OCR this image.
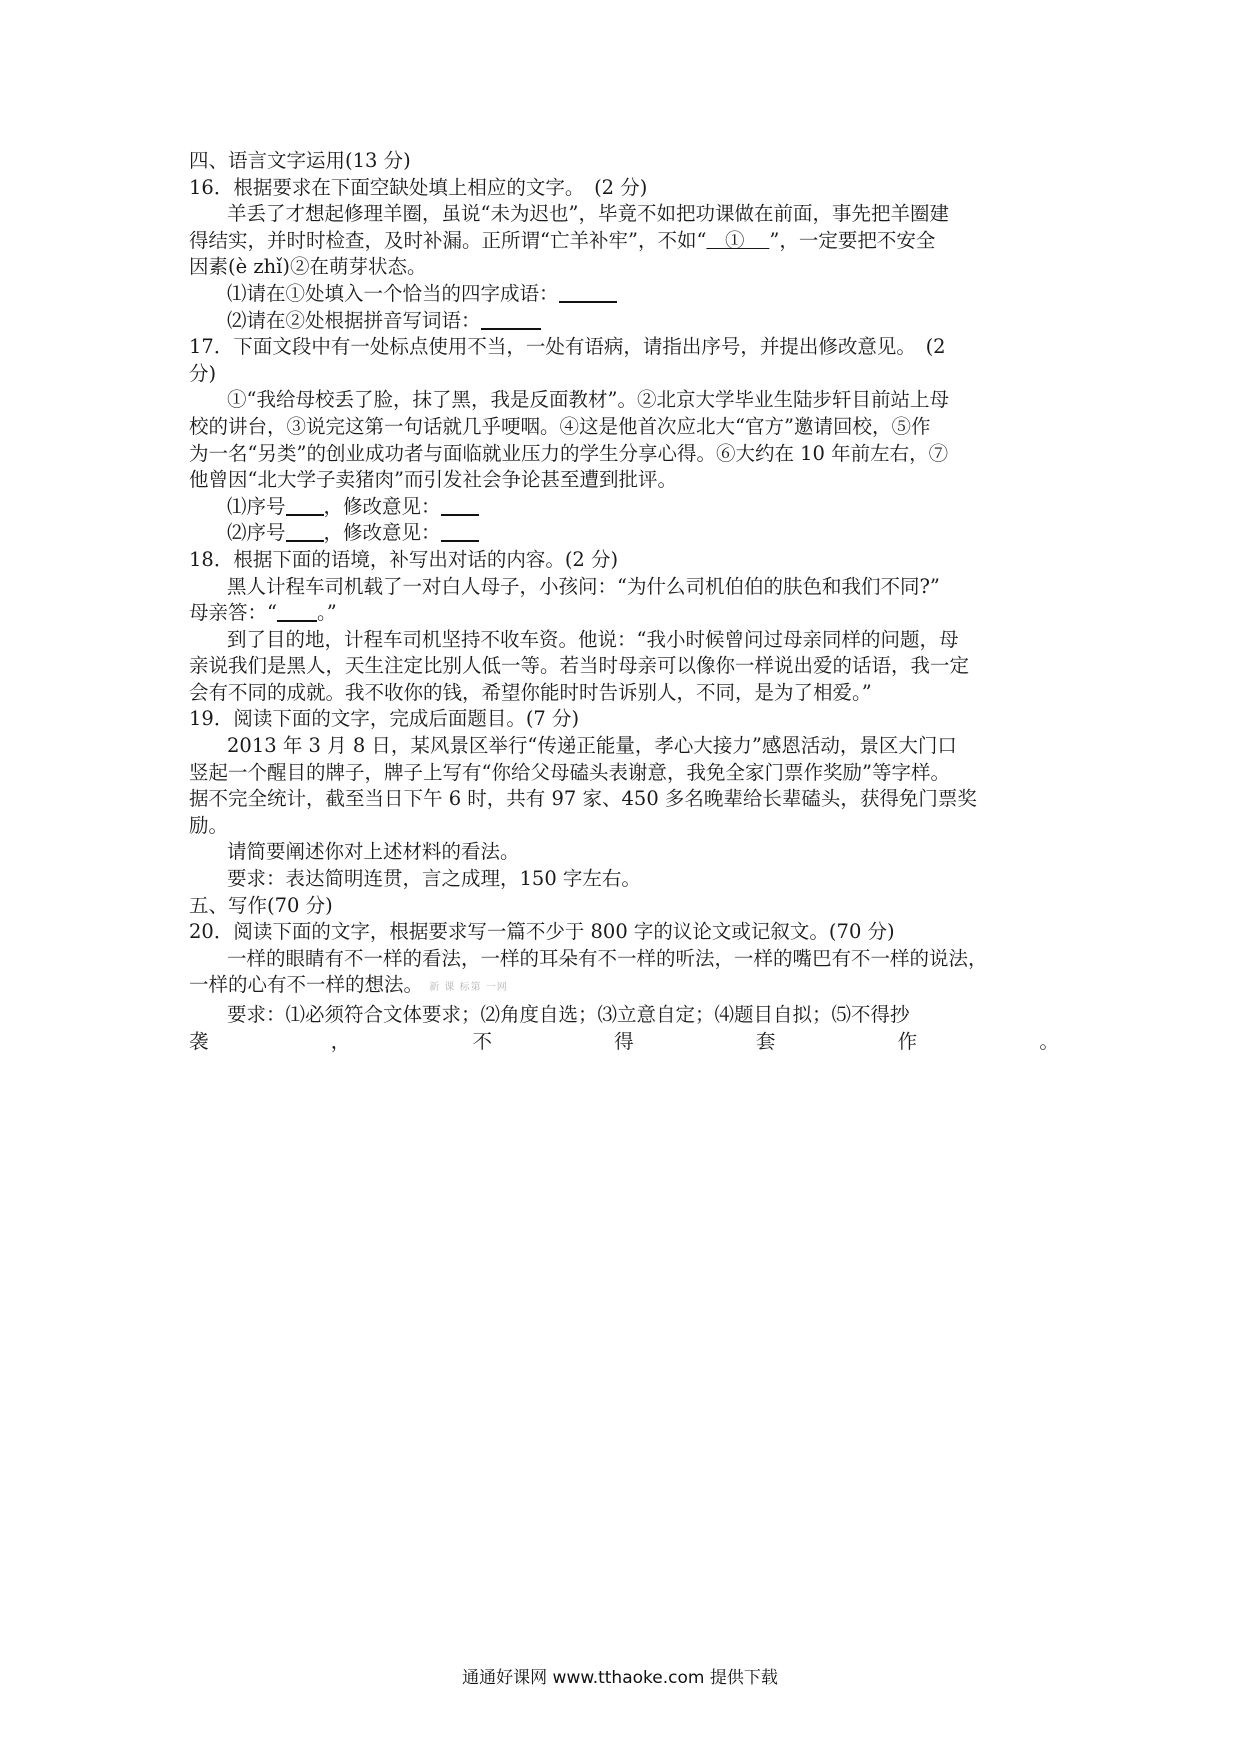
四、语言文字运用(13 分)
16．根据要求在下面空缺处填上相应的文字。　(2 分)
羊丢了才想起修理羊圈，虽说“未为迟也”，毕竟不如把功课做在前面，事先把羊圈建
得结实，并时时检查，及时补漏。正所谓“亡羊补牢”，不如“ ① ”，一定要把不安全
因素(è zhǐ)②在萌芽状态。
⑴请在①处填入一个恰当的四字成语：
⑵请在②处根据拼音写词语：
17．下面文段中有一处标点使用不当，一处有语病，请指出序号，并提出修改意见。　(2
分)
①“我给母校丢了脸，抹了黑，我是反面教材”。②北京大学毕业生陆步轩目前站上母
校的讲台，③说完这第一句话就几乎哽咽。④这是他首次应北大“官方”邀请回校，⑤作
为一名“另类”的创业成功者与面临就业压力的学生分享心得。⑥大约在 10 年前左右，⑦
他曾因“北大学子卖猪肉”而引发社会争论甚至遭到批评。
⑴序号 ，修改意见：
⑵序号 ，修改意见：
18．根据下面的语境，补写出对话的内容。(2 分)
黑人计程车司机载了一对白人母子，小孩问：“为什么司机伯伯的肤色和我们不同?”
母亲答：“ 。”
到了目的地，计程车司机坚持不收车资。他说：“我小时候曾问过母亲同样的问题，母
亲说我们是黑人，天生注定比别人低一等。若当时母亲可以像你一样说出爱的话语，我一定
会有不同的成就。我不收你的钱，希望你能时时告诉别人，不同，是为了相爱。”
19．阅读下面的文字，完成后面题目。(7 分)
2013 年 3 月 8 日，某风景区举行“传递正能量，孝心大接力”感恩活动，景区大门口
竖起一个醒目的牌子，牌子上写有“你给父母磕头表谢意，我免全家门票作奖励”等字样。
据不完全统计，截至当日下午 6 时，共有 97 家、450 多名晚辈给长辈磕头，获得免门票奖
励。
请简要阐述你对上述材料的看法。
要求：表达简明连贯，言之成理，150 字左右。
五、写作(70 分)
20．阅读下面的文字，根据要求写一篇不少于 800 字的议论文或记叙文。(70 分)
一样的眼睛有不一样的看法，一样的耳朵有不一样的听法，一样的嘴巴有不一样的说法，
一样的心有不一样的想法。 新 课 标第 一网
要求：⑴必须符合文体要求；⑵角度自选；⑶立意自定；⑷题目自拟；⑸不得抄
袭	，	不	得	套	作	。
通通好课网 www.tthaoke.com 提供下载
